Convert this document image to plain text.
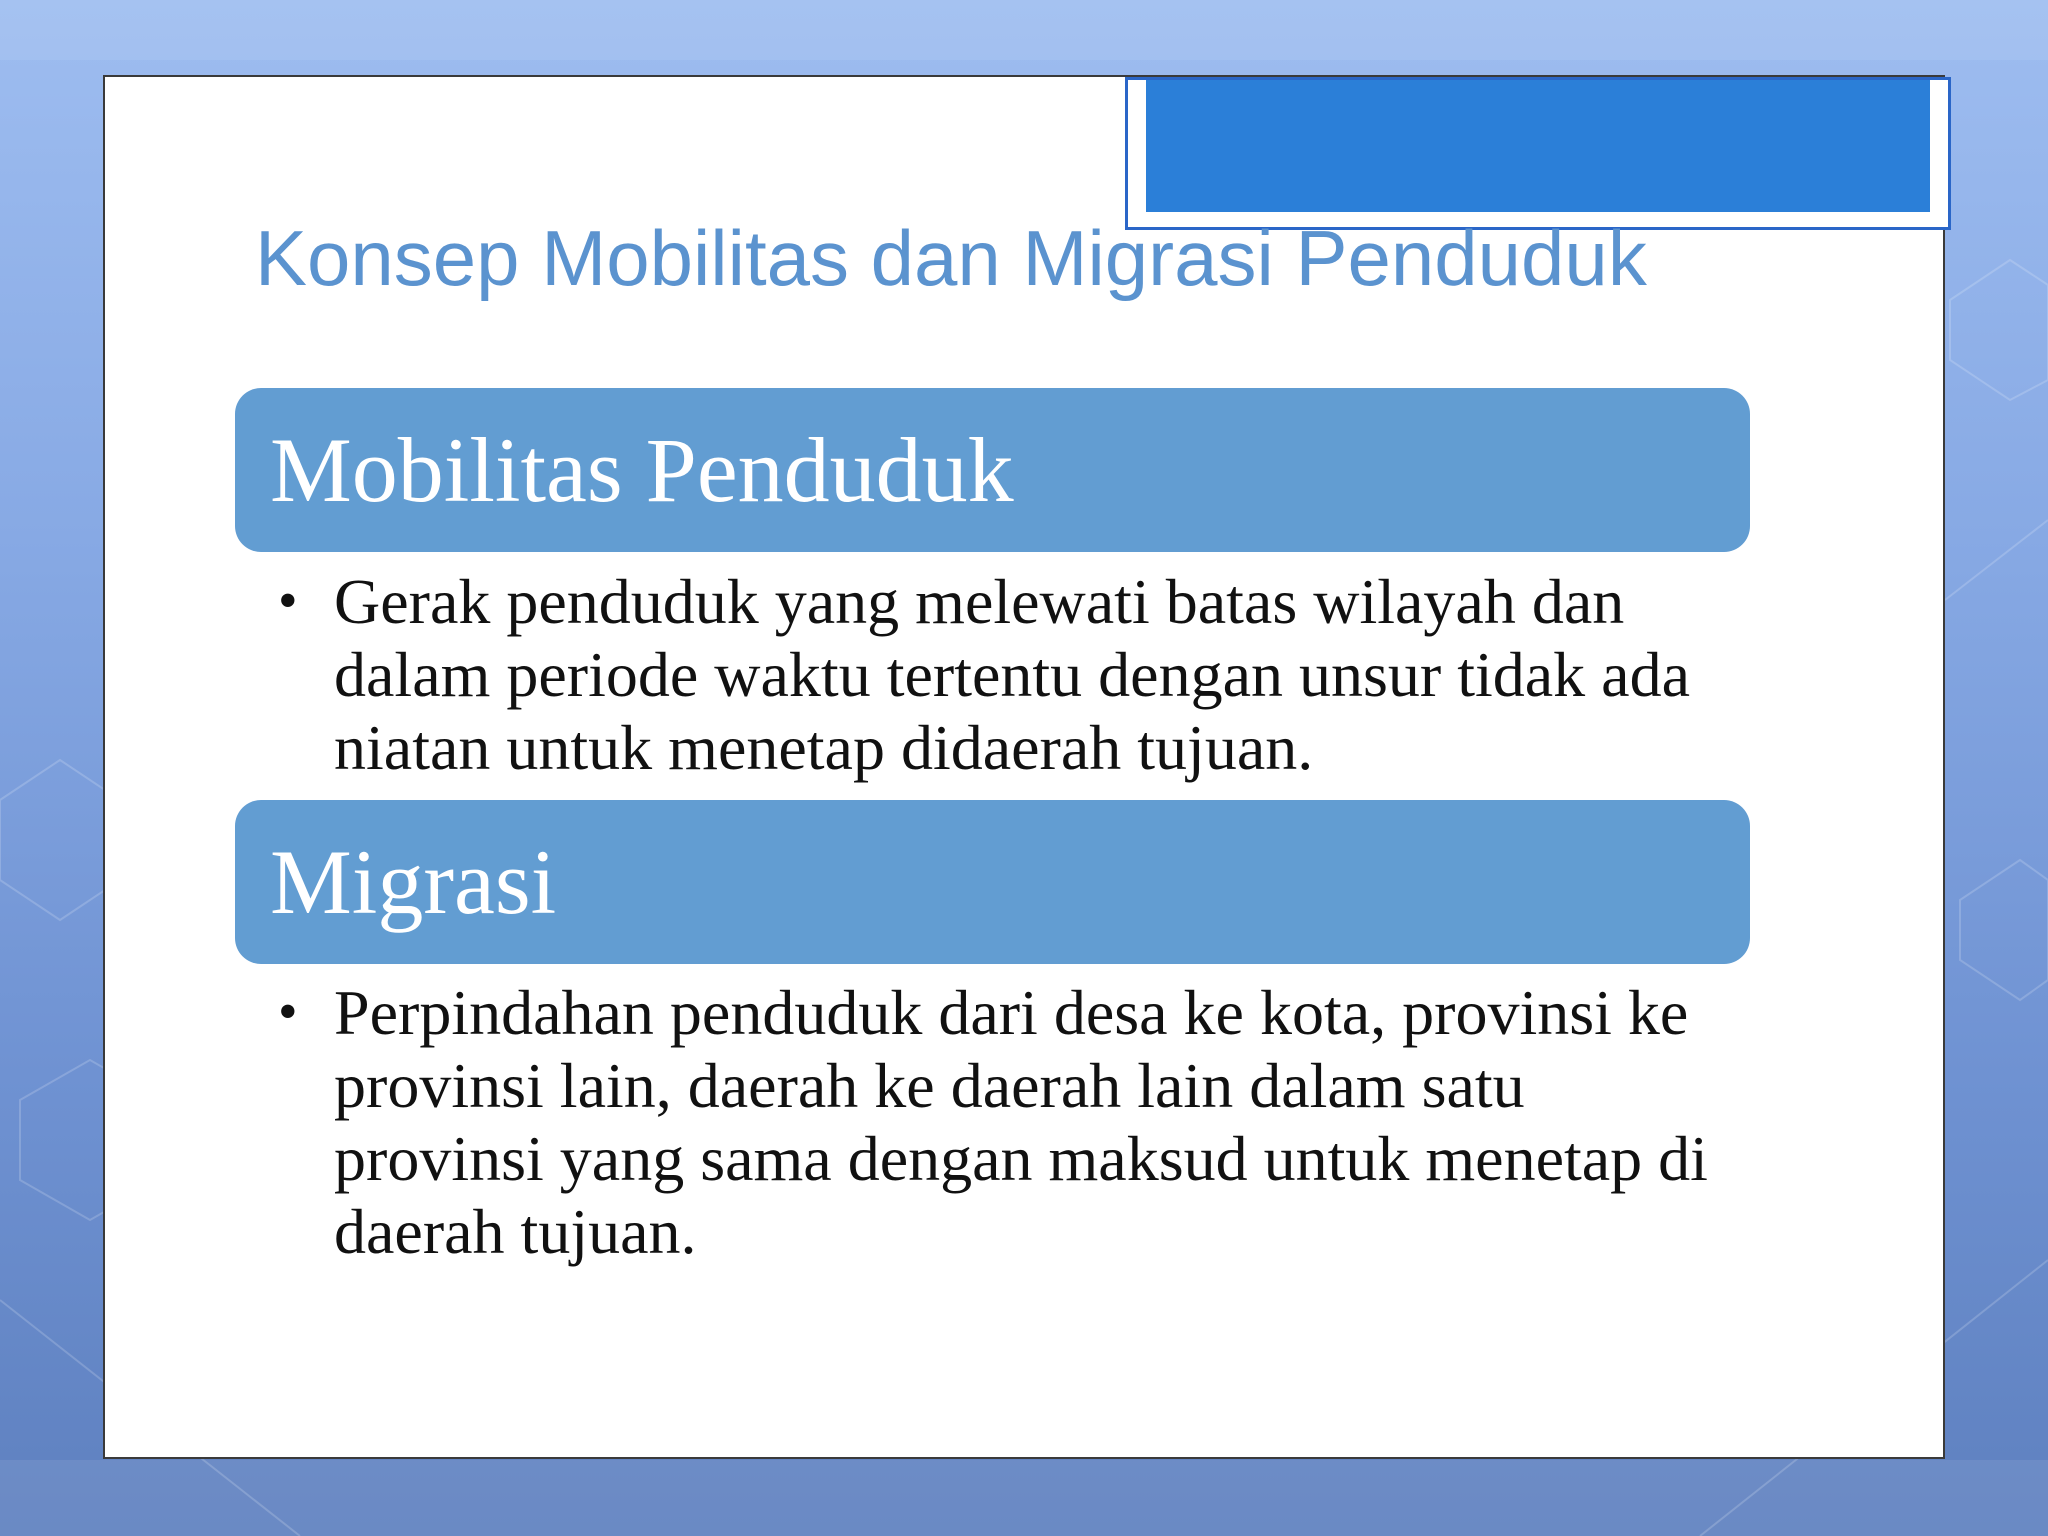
Konsep Mobilitas dan Migrasi Penduduk
Mobilitas Penduduk
• Gerak penduduk yang melewati batas wilayah dan dalam periode waktu tertentu dengan unsur tidak ada niatan untuk menetap didaerah tujuan.
Migrasi
• Perpindahan penduduk dari desa ke kota, provinsi ke provinsi lain, daerah ke daerah lain dalam satu provinsi yang sama dengan maksud untuk menetap di daerah tujuan.
